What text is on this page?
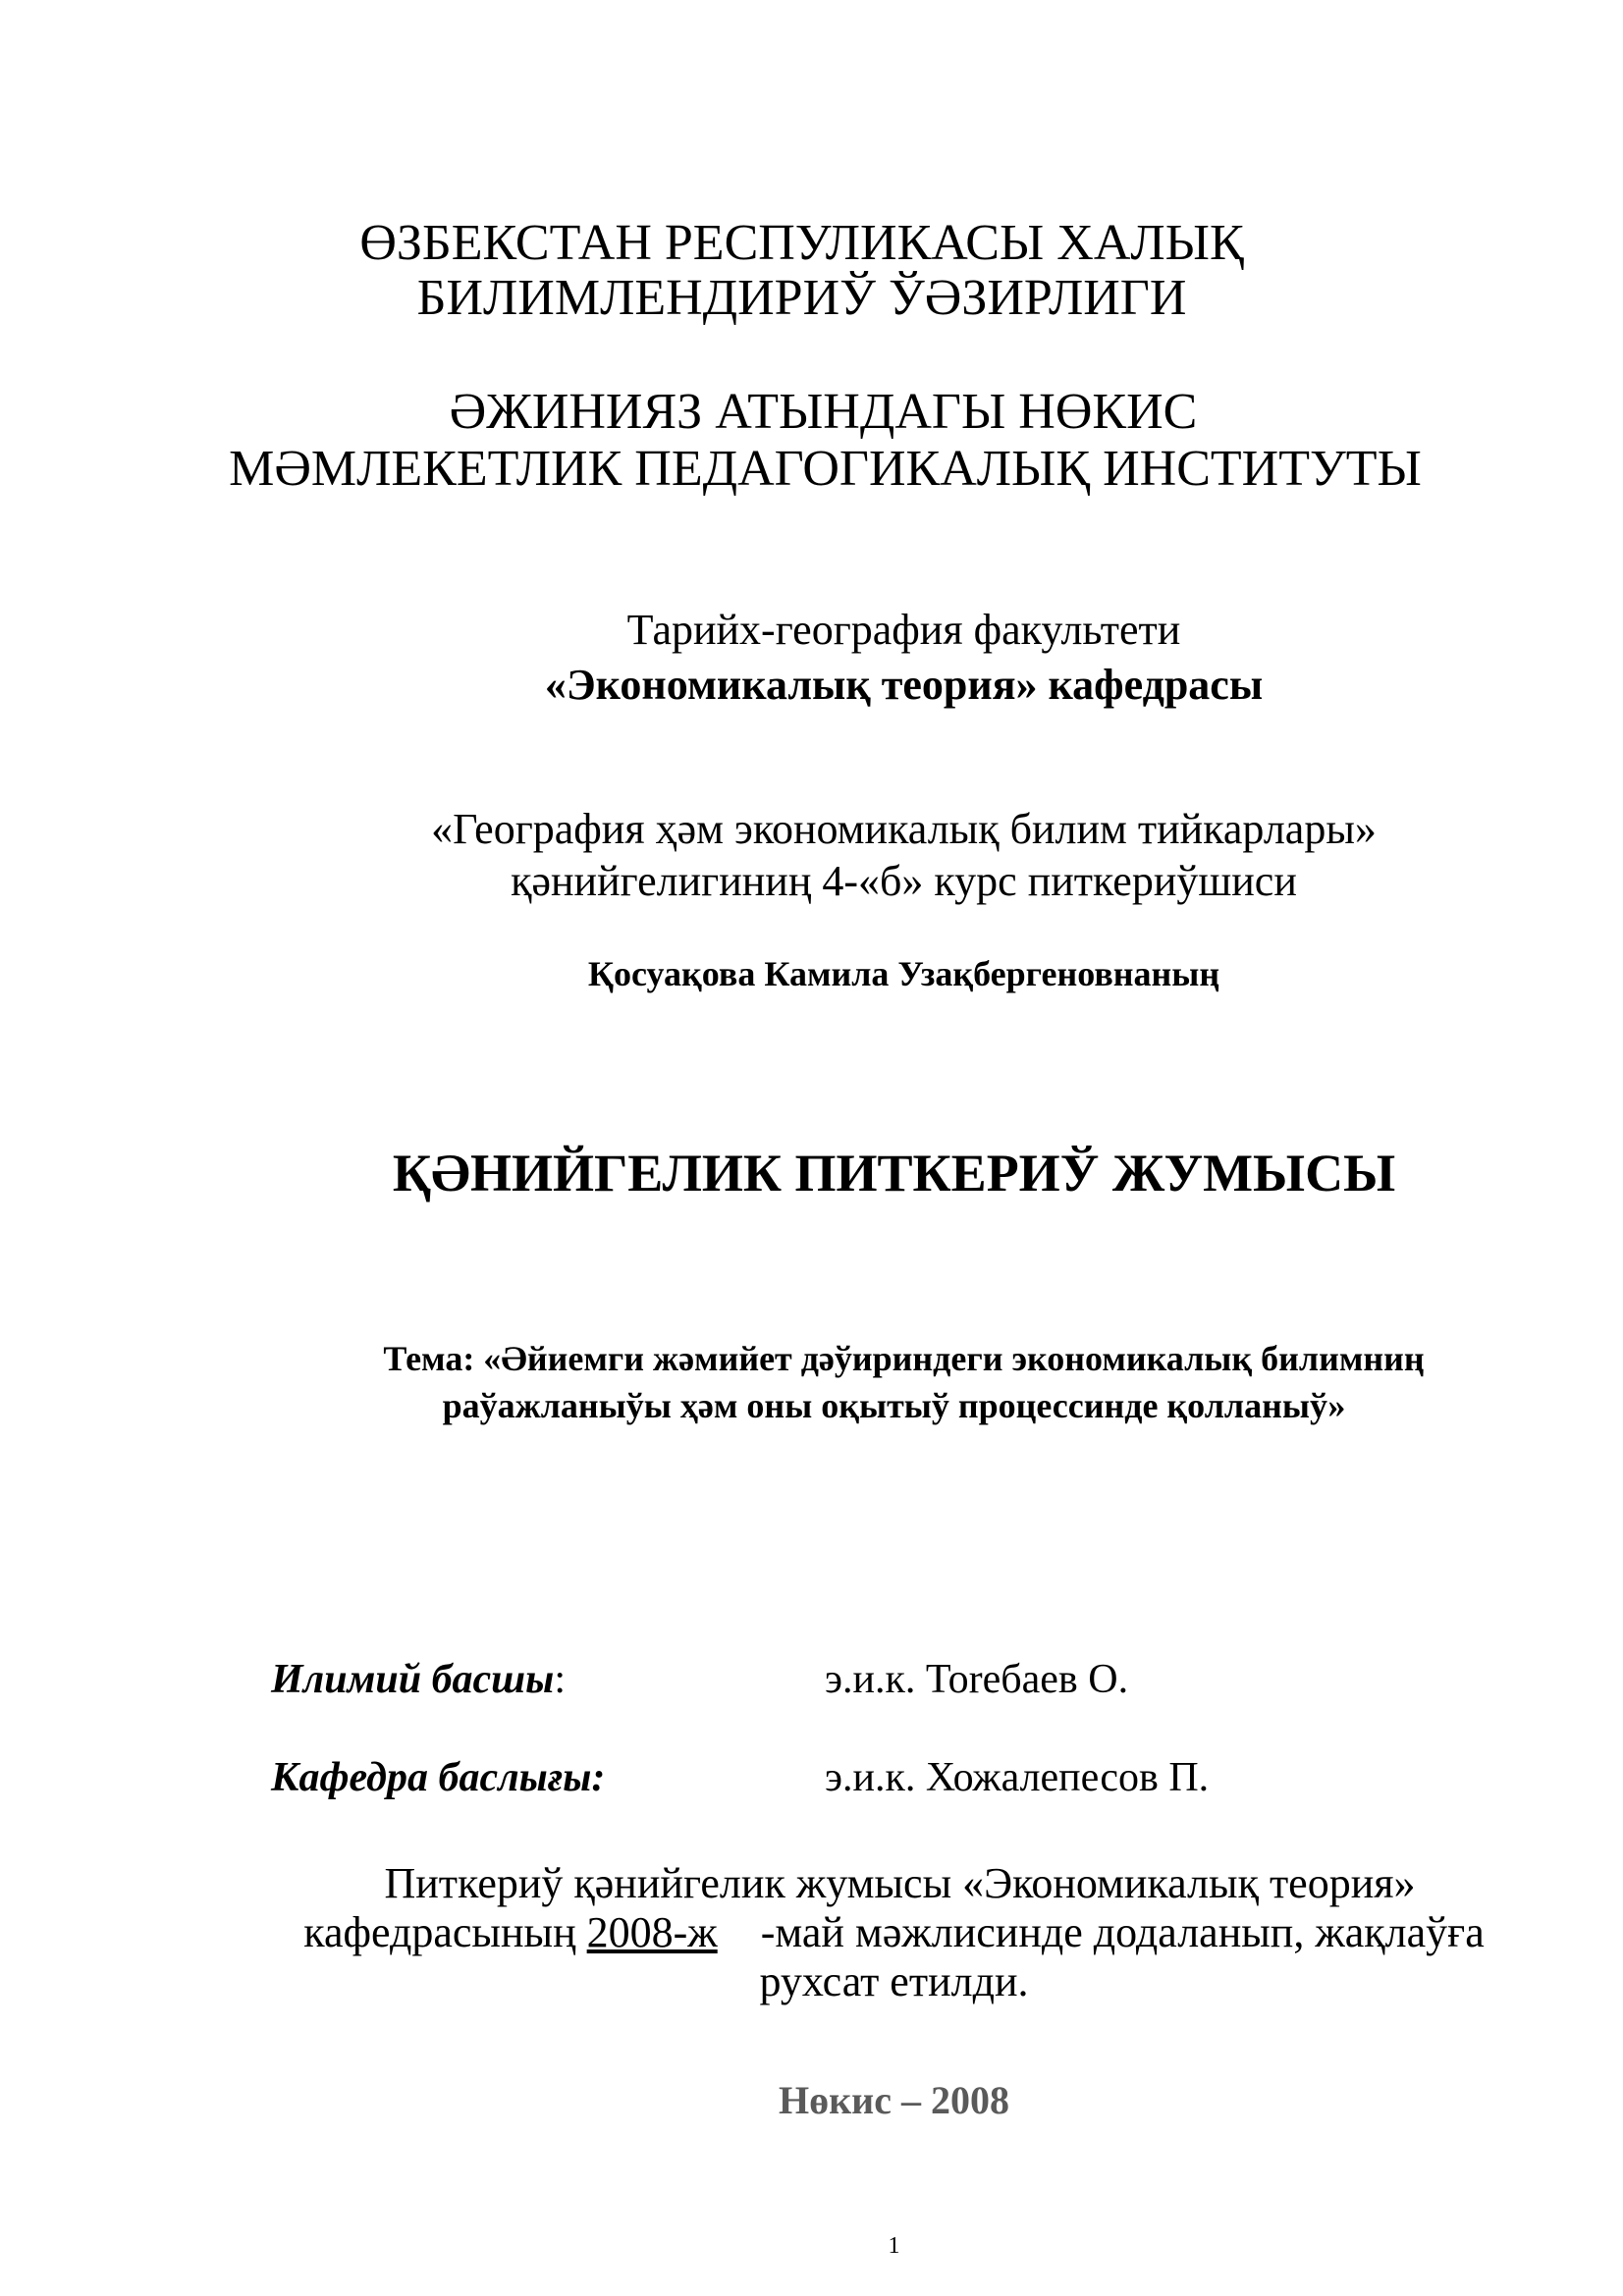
ӨЗБЕКСТАН РЕСПУЛИКАСЫ ХАЛЫҚ
БИЛИМЛЕНДИРИЎ ЎӘЗИРЛИГИ
ӘЖИНИЯЗ АТЫНДАГЫ НӨКИС
МӘМЛЕКЕТЛИК ПЕДАГОГИКАЛЫҚ ИНСТИТУТЫ
Тарийх-география факультети
«Экономикалық теория» кафедрасы
«География ҳәм экономикалық билим тийкарлары»
қәнийгелигиниң 4-«б» курс питкериўшиси
Қосуақова Камила Узақбергеновнаның
ҚӘНИЙГЕЛИК ПИТКЕРИЎ ЖУМЫСЫ
Тема: «Әйиемги жәмийет дәўириндеги экономикалық билимниң
раўажланыўы ҳәм оны оқытыў процессинде қолланыў»
Илимий басшы:	э.и.к. Torебаев О.
Кафедра баслығы:	э.и.к. Хожалепесов П.
Питкериў қәнийгелик жумысы «Экономикалық теория»
кафедрасының 2008-ж    -май мәжлисинде додаланып, жақлаўға
рухсат етилди.
Нөкис – 2008
1
